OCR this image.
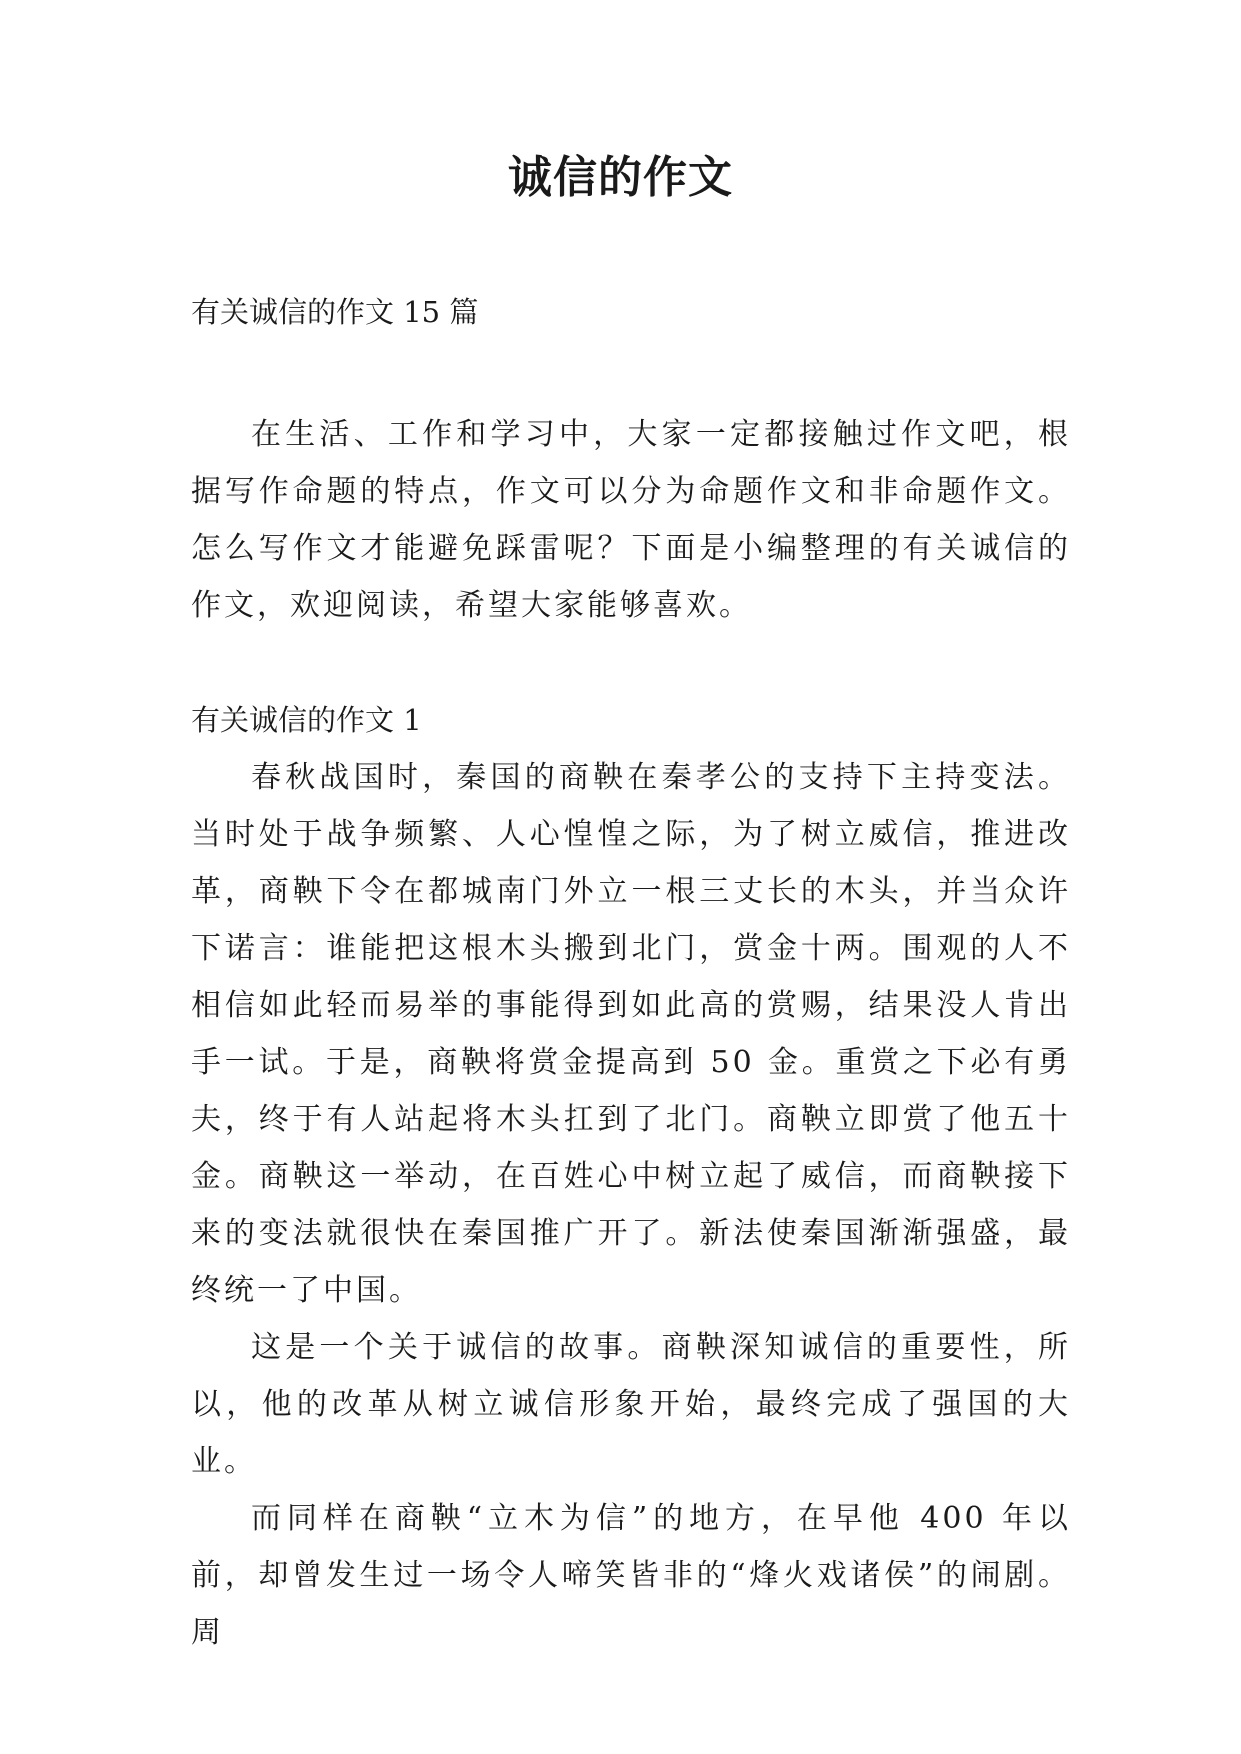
诚信的作文
有关诚信的作文 15 篇

在生活、工作和学习中，大家一定都接触过作文吧，根据写作命题的特点，作文可以分为命题作文和非命题作文。怎么写作文才能避免踩雷呢？下面是小编整理的有关诚信的作文，欢迎阅读，希望大家能够喜欢。

有关诚信的作文 1

春秋战国时，秦国的商鞅在秦孝公的支持下主持变法。当时处于战争频繁、人心惶惶之际，为了树立威信，推进改革，商鞅下令在都城南门外立一根三丈长的木头，并当众许下诺言：谁能把这根木头搬到北门，赏金十两。围观的人不相信如此轻而易举的事能得到如此高的赏赐，结果没人肯出手一试。于是，商鞅将赏金提高到 50 金。重赏之下必有勇夫，终于有人站起将木头扛到了北门。商鞅立即赏了他五十金。商鞅这一举动，在百姓心中树立起了威信，而商鞅接下来的变法就很快在秦国推广开了。新法使秦国渐渐强盛，最终统一了中国。

这是一个关于诚信的故事。商鞅深知诚信的重要性，所以，他的改革从树立诚信形象开始，最终完成了强国的大业。

而同样在商鞅“立木为信”的地方，在早他 400 年以前，却曾发生过一场令人啼笑皆非的“烽火戏诸侯”的闹剧。周
